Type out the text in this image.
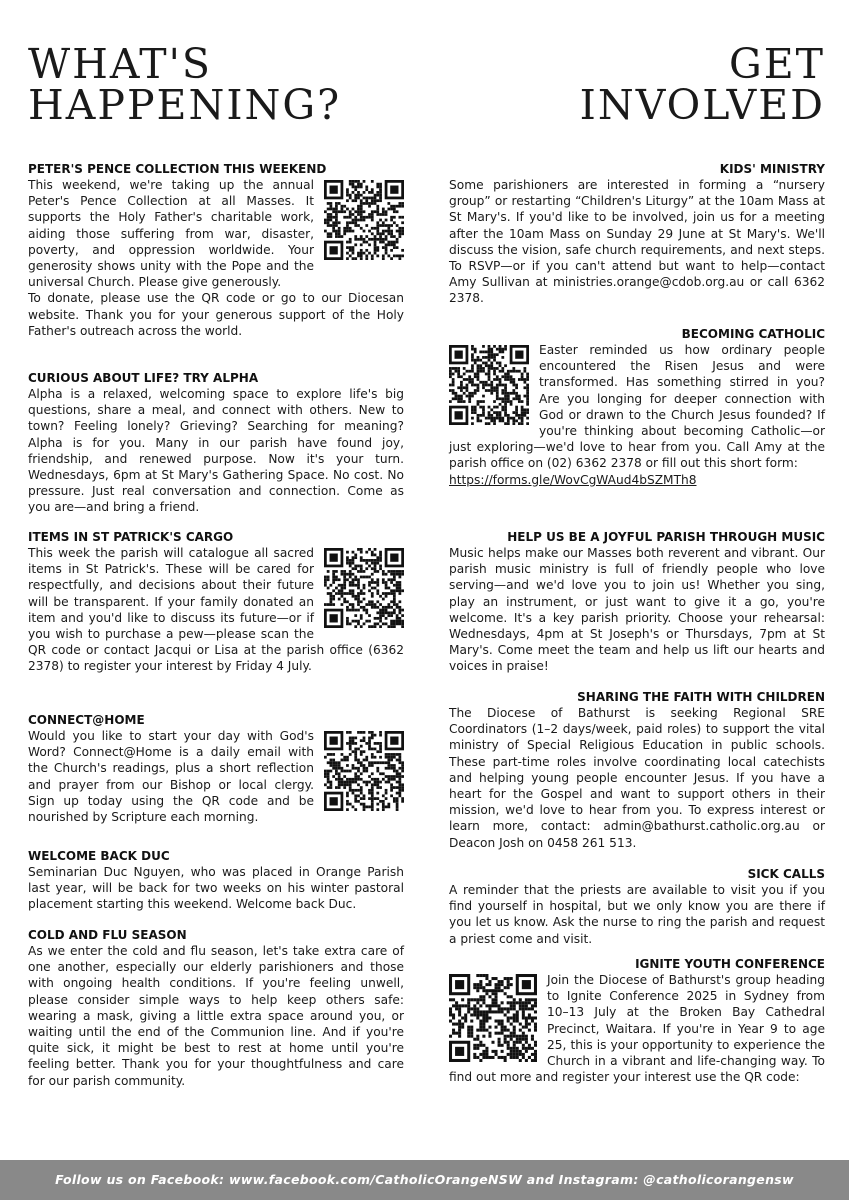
WHAT'S
HAPPENING?
PETER'S PENCE COLLECTION THIS WEEKEND

This weekend, we're taking up the annual Peter's Pence Collection at all Masses. It supports the Holy Father's charitable work, aiding those suffering from war, disaster, poverty, and oppression worldwide. Your generosity shows unity with the Pope and the universal Church. Please give generously.

To donate, please use the QR code or go to our Diocesan website. Thank you for your generous support of the Holy Father's outreach across the world.

CURIOUS ABOUT LIFE? TRY ALPHA

Alpha is a relaxed, welcoming space to explore life's big questions, share a meal, and connect with others. New to town? Feeling lonely? Grieving? Searching for meaning? Alpha is for you. Many in our parish have found joy, friendship, and renewed purpose. Now it's your turn. Wednesdays, 6pm at St Mary's Gathering Space. No cost. No pressure. Just real conversation and connection. Come as you are—and bring a friend.

ITEMS IN ST PATRICK'S CARGO

This week the parish will catalogue all sacred items in St Patrick's. These will be cared for respectfully, and decisions about their future will be transparent. If your family donated an item and you'd like to discuss its future—or if you wish to purchase a pew—please scan the QR code or contact Jacqui or Lisa at the parish office (6362 2378) to register your interest by Friday 4 July.

CONNECT@HOME

Would you like to start your day with God's Word? Connect@Home is a daily email with the Church's readings, plus a short reflection and prayer from our Bishop or local clergy. Sign up today using the QR code and be nourished by Scripture each morning.

WELCOME BACK DUC

Seminarian Duc Nguyen, who was placed in Orange Parish last year, will be back for two weeks on his winter pastoral placement starting this weekend. Welcome back Duc.

COLD AND FLU SEASON

As we enter the cold and flu season, let's take extra care of one another, especially our elderly parishioners and those with ongoing health conditions. If you're feeling unwell, please consider simple ways to help keep others safe: wearing a mask, giving a little extra space around you, or waiting until the end of the Communion line. And if you're quite sick, it might be best to rest at home until you're feeling better. Thank you for your thoughtfulness and care for our parish community.

GET
INVOLVED
KIDS' MINISTRY

Some parishioners are interested in forming a “nursery group” or restarting “Children's Liturgy” at the 10am Mass at St Mary's. If you'd like to be involved, join us for a meeting after the 10am Mass on Sunday 29 June at St Mary's. We'll discuss the vision, safe church requirements, and next steps. To RSVP—or if you can't attend but want to help—contact Amy Sullivan at ministries.orange@cdob.org.au or call 6362 2378.

BECOMING CATHOLIC

Easter reminded us how ordinary people encountered the Risen Jesus and were transformed. Has something stirred in you? Are you longing for deeper connection with God or drawn to the Church Jesus founded? If you're thinking about becoming Catholic—or just exploring—we'd love to hear from you. Call Amy at the parish office on (02) 6362 2378 or fill out this short form:

https://forms.gle/WovCgWAud4bSZMTh8

HELP US BE A JOYFUL PARISH THROUGH MUSIC

Music helps make our Masses both reverent and vibrant. Our parish music ministry is full of friendly people who love serving—and we'd love you to join us! Whether you sing, play an instrument, or just want to give it a go, you're welcome. It's a key parish priority. Choose your rehearsal: Wednesdays, 4pm at St Joseph's or Thursdays, 7pm at St Mary's. Come meet the team and help us lift our hearts and voices in praise!

SHARING THE FAITH WITH CHILDREN

The Diocese of Bathurst is seeking Regional SRE Coordinators (1–2 days/week, paid roles) to support the vital ministry of Special Religious Education in public schools. These part-time roles involve coordinating local catechists and helping young people encounter Jesus. If you have a heart for the Gospel and want to support others in their mission, we'd love to hear from you. To express interest or learn more, contact: admin@bathurst.catholic.org.au or Deacon Josh on 0458 261 513.

SICK CALLS

A reminder that the priests are available to visit you if you find yourself in hospital, but we only know you are there if you let us know. Ask the nurse to ring the parish and request a priest come and visit.

IGNITE YOUTH CONFERENCE

Join the Diocese of Bathurst's group heading to Ignite Conference 2025 in Sydney from 10–13 July at the Broken Bay Cathedral Precinct, Waitara. If you're in Year 9 to age 25, this is your opportunity to experience the Church in a vibrant and life-changing way. To find out more and register your interest use the QR code:

Follow us on Facebook: www.facebook.com/CatholicOrangeNSW and Instagram: @catholicorangensw
